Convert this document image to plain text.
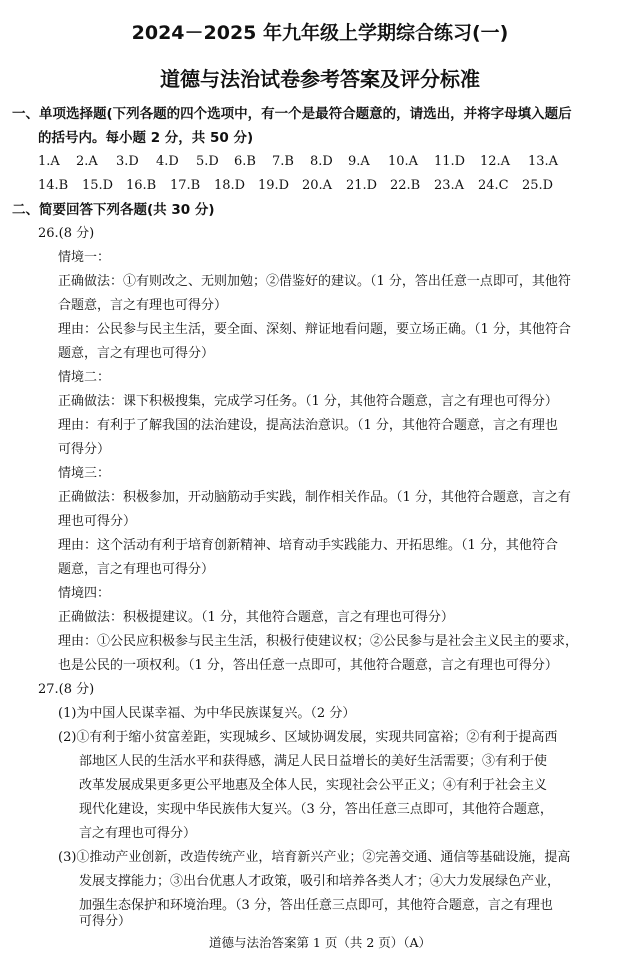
2024－2025 年九年级上学期综合练习(一)
道德与法治试卷参考答案及评分标准
一、单项选择题(下列各题的四个选项中，有一个是最符合题意的，请选出，并将字母填入题后
的括号内。每小题 2 分，共 50 分)
1.A 2.A 3.D 4.D 5.D 6.B 7.B 8.D 9.A 10.A 11.D 12.A 13.A
14.B 15.D 16.B 17.B 18.D 19.D 20.A 21.D 22.B 23.A 24.C 25.D
二、简要回答下列各题(共 30 分)
26.(8 分)
情境一：
正确做法：①有则改之、无则加勉；②借鉴好的建议。（1 分，答出任意一点即可，其他符
合题意，言之有理也可得分）
理由：公民参与民主生活，要全面、深刻、辩证地看问题，要立场正确。（1 分，其他符合
题意，言之有理也可得分）
情境二：
正确做法：课下积极搜集，完成学习任务。（1 分，其他符合题意，言之有理也可得分）
理由：有利于了解我国的法治建设，提高法治意识。（1 分，其他符合题意，言之有理也
可得分）
情境三：
正确做法：积极参加，开动脑筋动手实践，制作相关作品。（1 分，其他符合题意，言之有
理也可得分）
理由：这个活动有利于培育创新精神、培育动手实践能力、开拓思维。（1 分，其他符合
题意，言之有理也可得分）
情境四：
正确做法：积极提建议。（1 分，其他符合题意，言之有理也可得分）
理由：①公民应积极参与民主生活，积极行使建议权；②公民参与是社会主义民主的要求，
也是公民的一项权利。（1 分，答出任意一点即可，其他符合题意，言之有理也可得分）
27.(8 分)
(1)为中国人民谋幸福、为中华民族谋复兴。（2 分）
(2)①有利于缩小贫富差距，实现城乡、区域协调发展，实现共同富裕；②有利于提高西
部地区人民的生活水平和获得感，满足人民日益增长的美好生活需要；③有利于使
改革发展成果更多更公平地惠及全体人民，实现社会公平正义；④有利于社会主义
现代化建设，实现中华民族伟大复兴。（3 分，答出任意三点即可，其他符合题意，
言之有理也可得分）
(3)①推动产业创新，改造传统产业，培育新兴产业；②完善交通、通信等基础设施，提高
发展支撑能力；③出台优惠人才政策，吸引和培养各类人才；④大力发展绿色产业，
加强生态保护和环境治理。（3 分，答出任意三点即可，其他符合题意，言之有理也
可得分）
道德与法治答案第 1 页（共 2 页）（A）
